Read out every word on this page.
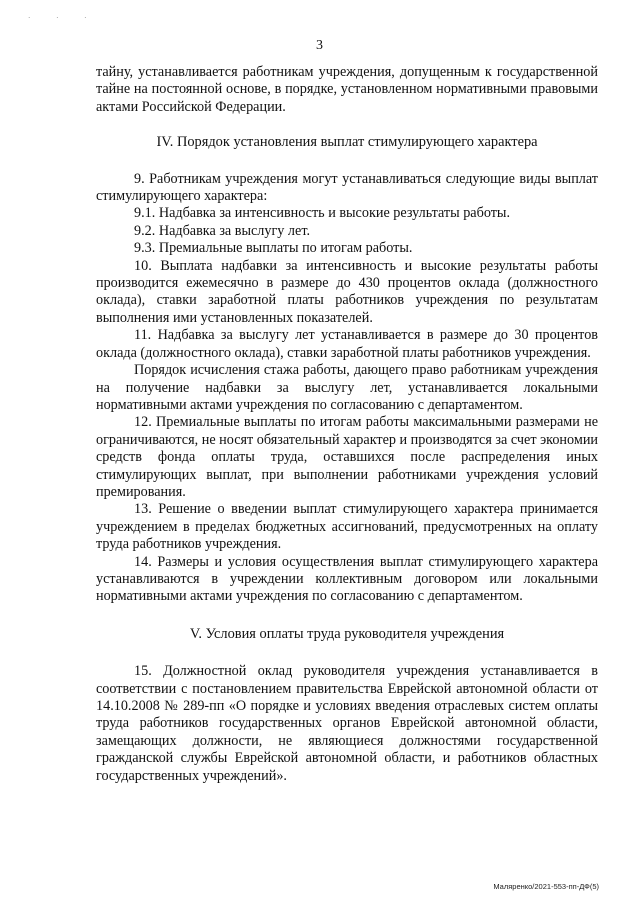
· · ·
3

тайну, устанавливается работникам учреждения, допущенным к государственной тайне на постоянной основе, в порядке, установленном нормативными правовыми актами Российской Федерации.

IV. Порядок установления выплат стимулирующего характера

9. Работникам учреждения могут устанавливаться следующие виды выплат стимулирующего характера:

9.1. Надбавка за интенсивность и высокие результаты работы.

9.2. Надбавка за выслугу лет.

9.3. Премиальные выплаты по итогам работы.

10. Выплата надбавки за интенсивность и высокие результаты работы производится ежемесячно в размере до 430 процентов оклада (должностного оклада), ставки заработной платы работников учреждения по результатам выполнения ими установленных показателей.

11. Надбавка за выслугу лет устанавливается в размере до 30 процентов оклада (должностного оклада), ставки заработной платы работников учреждения.

Порядок исчисления стажа работы, дающего право работникам учреждения на получение надбавки за выслугу лет, устанавливается локальными нормативными актами учреждения по согласованию с департаментом.

12. Премиальные выплаты по итогам работы максимальными размерами не ограничиваются, не носят обязательный характер и производятся за счет экономии средств фонда оплаты труда, оставшихся после распределения иных стимулирующих выплат, при выполнении работниками учреждения условий премирования.

13. Решение о введении выплат стимулирующего характера принимается учреждением в пределах бюджетных ассигнований, предусмотренных на оплату труда работников учреждения.

14. Размеры и условия осуществления выплат стимулирующего характера устанавливаются в учреждении коллективным договором или локальными нормативными актами учреждения по согласованию с департаментом.

V. Условия оплаты труда руководителя учреждения

15. Должностной оклад руководителя учреждения устанавливается в соответствии с постановлением правительства Еврейской автономной области от 14.10.2008 № 289-пп «О порядке и условиях введения отраслевых систем оплаты труда работников государственных органов Еврейской автономной области, замещающих должности, не являющиеся должностями государственной гражданской службы Еврейской автономной области, и работников областных государственных учреждений».

Маляренко/2021-553-пп-ДФ(5)
